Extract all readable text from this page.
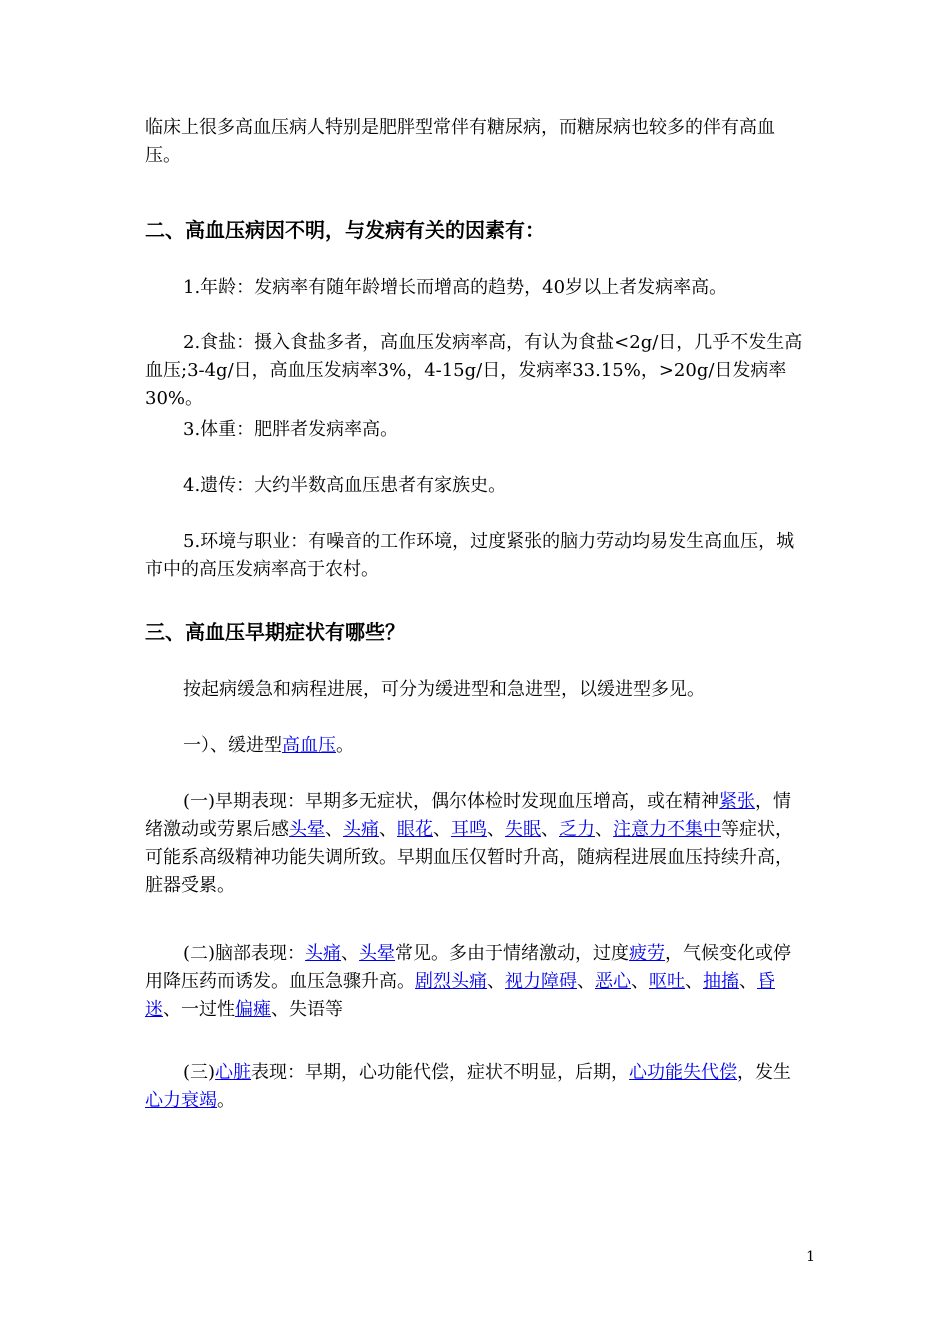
临床上很多高血压病人特别是肥胖型常伴有糖尿病，而糖尿病也较多的伴有高血压。

二、高血压病因不明，与发病有关的因素有：

1.年龄：发病率有随年龄增长而增高的趋势，40岁以上者发病率高。

2.食盐：摄入食盐多者，高血压发病率高，有认为食盐<2g/日，几乎不发生高血压;3-4g/日，高血压发病率3%，4-15g/日，发病率33.15%，>20g/日发病率30%。

3.体重：肥胖者发病率高。

4.遗传：大约半数高血压患者有家族史。

5.环境与职业：有噪音的工作环境，过度紧张的脑力劳动均易发生高血压，城市中的高压发病率高于农村。

三、高血压早期症状有哪些？

按起病缓急和病程进展，可分为缓进型和急进型，以缓进型多见。

一）、缓进型高血压。

(一)早期表现：早期多无症状，偶尔体检时发现血压增高，或在精神紧张，情绪激动或劳累后感头晕、头痛、眼花、耳鸣、失眠、乏力、注意力不集中等症状，可能系高级精神功能失调所致。早期血压仅暂时升高，随病程进展血压持续升高，脏器受累。

(二)脑部表现：头痛、头晕常见。多由于情绪激动，过度疲劳，气候变化或停用降压药而诱发。血压急骤升高。剧烈头痛、视力障碍、恶心、呕吐、抽搐、昏迷、一过性偏瘫、失语等

(三)心脏表现：早期，心功能代偿，症状不明显，后期，心功能失代偿，发生心力衰竭。

1
